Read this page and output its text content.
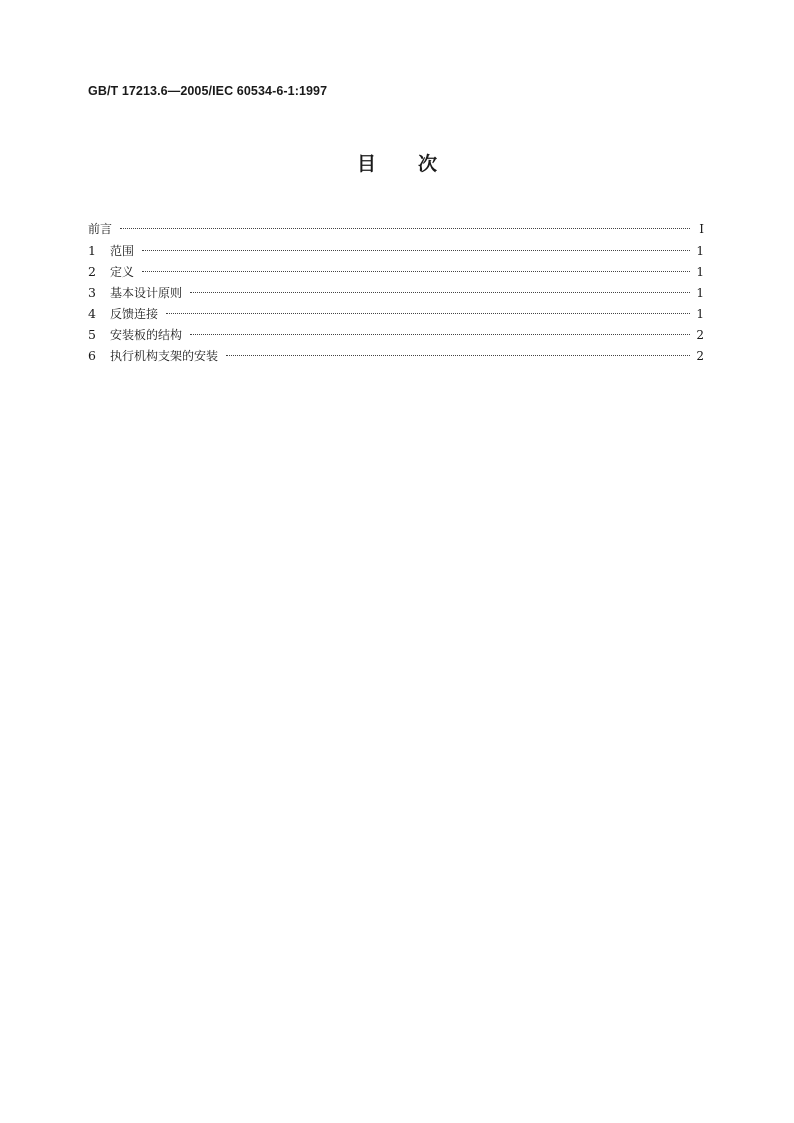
GB/T 17213.6—2005/IEC 60534-6-1:1997
目 次
前言	I
1	范围	1
2	定义	1
3	基本设计原则	1
4	反馈连接	1
5	安装板的结构	2
6	执行机构支架的安装	2
